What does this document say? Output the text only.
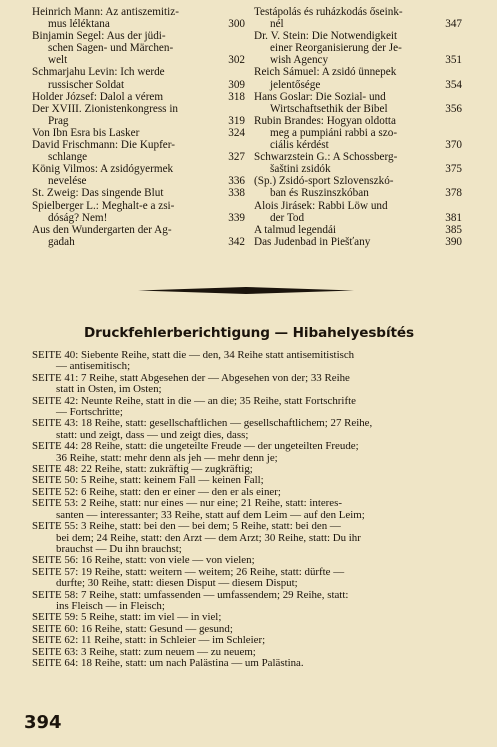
Heinrich Mann: Az antiszemitiz-
mus léléktana	300
Binjamin Segel: Aus der jüdi-
schen Sagen- und Märchen-
welt	302
Schmarjahu Levin: Ich werde
russischer Soldat	309
Holder József: Dalol a vérem	318
Der XVIII. Zionistenkongress in
Prag	319
Von Ibn Esra bis Lasker	324
David Frischmann: Die Kupfer-
schlange	327
König Vilmos: A zsidógyermek
nevelése	336
St. Zweig: Das singende Blut	338
Spielberger L.: Meghalt-e a zsi-
dóság? Nem!	339
Aus den Wundergarten der Ag-
gadah	342
Testápolás és ruházkodás őseink-
nél	347
Dr. V. Stein: Die Notwendigkeit
einer Reorganisierung der Je-
wish Agency	351
Reich Sámuel: A zsidó ünnepek
jelentősége	354
Hans Goslar: Die Sozial- und
Wirtschaftsethik der Bibel	356
Rubin Brandes: Hogyan oldotta
meg a pumpiáni rabbi a szo-
ciális kérdést	370
Schwarzstein G.: A Schossberg-
šaštini zsidók	375
(Sp.) Zsidó-sport Szlovenszkó-
ban és Ruszinszkóban	378
Alois Jirásek: Rabbi Löw und
der Tod	381
A talmud legendái	385
Das Judenbad in Piešťany	390
Druckfehlerberichtigung — Hibahelyesbítés

SEITE 40: Siebente Reihe, statt die — den, 34 Reihe statt antisemitistisch
— antisemitisch;

SEITE 41: 7 Reihe, statt Abgesehen der — Abgesehen von der; 33 Reihe
statt in Osten, im Osten;

SEITE 42: Neunte Reihe, statt in die — an die; 35 Reihe, statt Fortschrifte
— Fortschritte;

SEITE 43: 18 Reihe, statt: gesellschaftlichen — gesellschaftlichem; 27 Reihe,
statt: und zeigt, dass — und zeigt dies, dass;

SEITE 44: 28 Reihe, statt: die ungeteilte Freude — der ungeteilten Freude;
36 Reihe, statt: mehr denn als jeh — mehr denn je;

SEITE 48: 22 Reihe, statt: zukräftig — zugkräftig;

SEITE 50: 5 Reihe, statt: keinem Fall — keinen Fall;

SEITE 52: 6 Reihe, statt: den er einer — den er als einer;

SEITE 53: 2 Reihe, statt: nur eines — nur eine; 21 Reihe, statt: interes-
santen — interessanter; 33 Reihe, statt auf dem Leim — auf den Leim;

SEITE 55: 3 Reihe, statt: bei den — bei dem; 5 Reihe, statt: bei den —
bei dem; 24 Reihe, statt: den Arzt — dem Arzt; 30 Reihe, statt: Du ihr
brauchst — Du ihn brauchst;

SEITE 56: 16 Reihe, statt: von viele — von vielen;

SEITE 57: 19 Reihe, statt: weitern — weitem; 26 Reihe, statt: dürfte —
durfte; 30 Reihe, statt: diesen Disput — diesem Disput;

SEITE 58: 7 Reihe, statt: umfassenden — umfassendem; 29 Reihe, statt:
ins Fleisch — in Fleisch;

SEITE 59: 5 Reihe, statt: im viel — in viel;

SEITE 60: 16 Reihe, statt: Gesund — gesund;

SEITE 62: 11 Reihe, statt: in Schleier — im Schleier;

SEITE 63: 3 Reihe, statt: zum neuem — zu neuem;

SEITE 64: 18 Reihe, statt: um nach Palästina — um Palästina.

394
